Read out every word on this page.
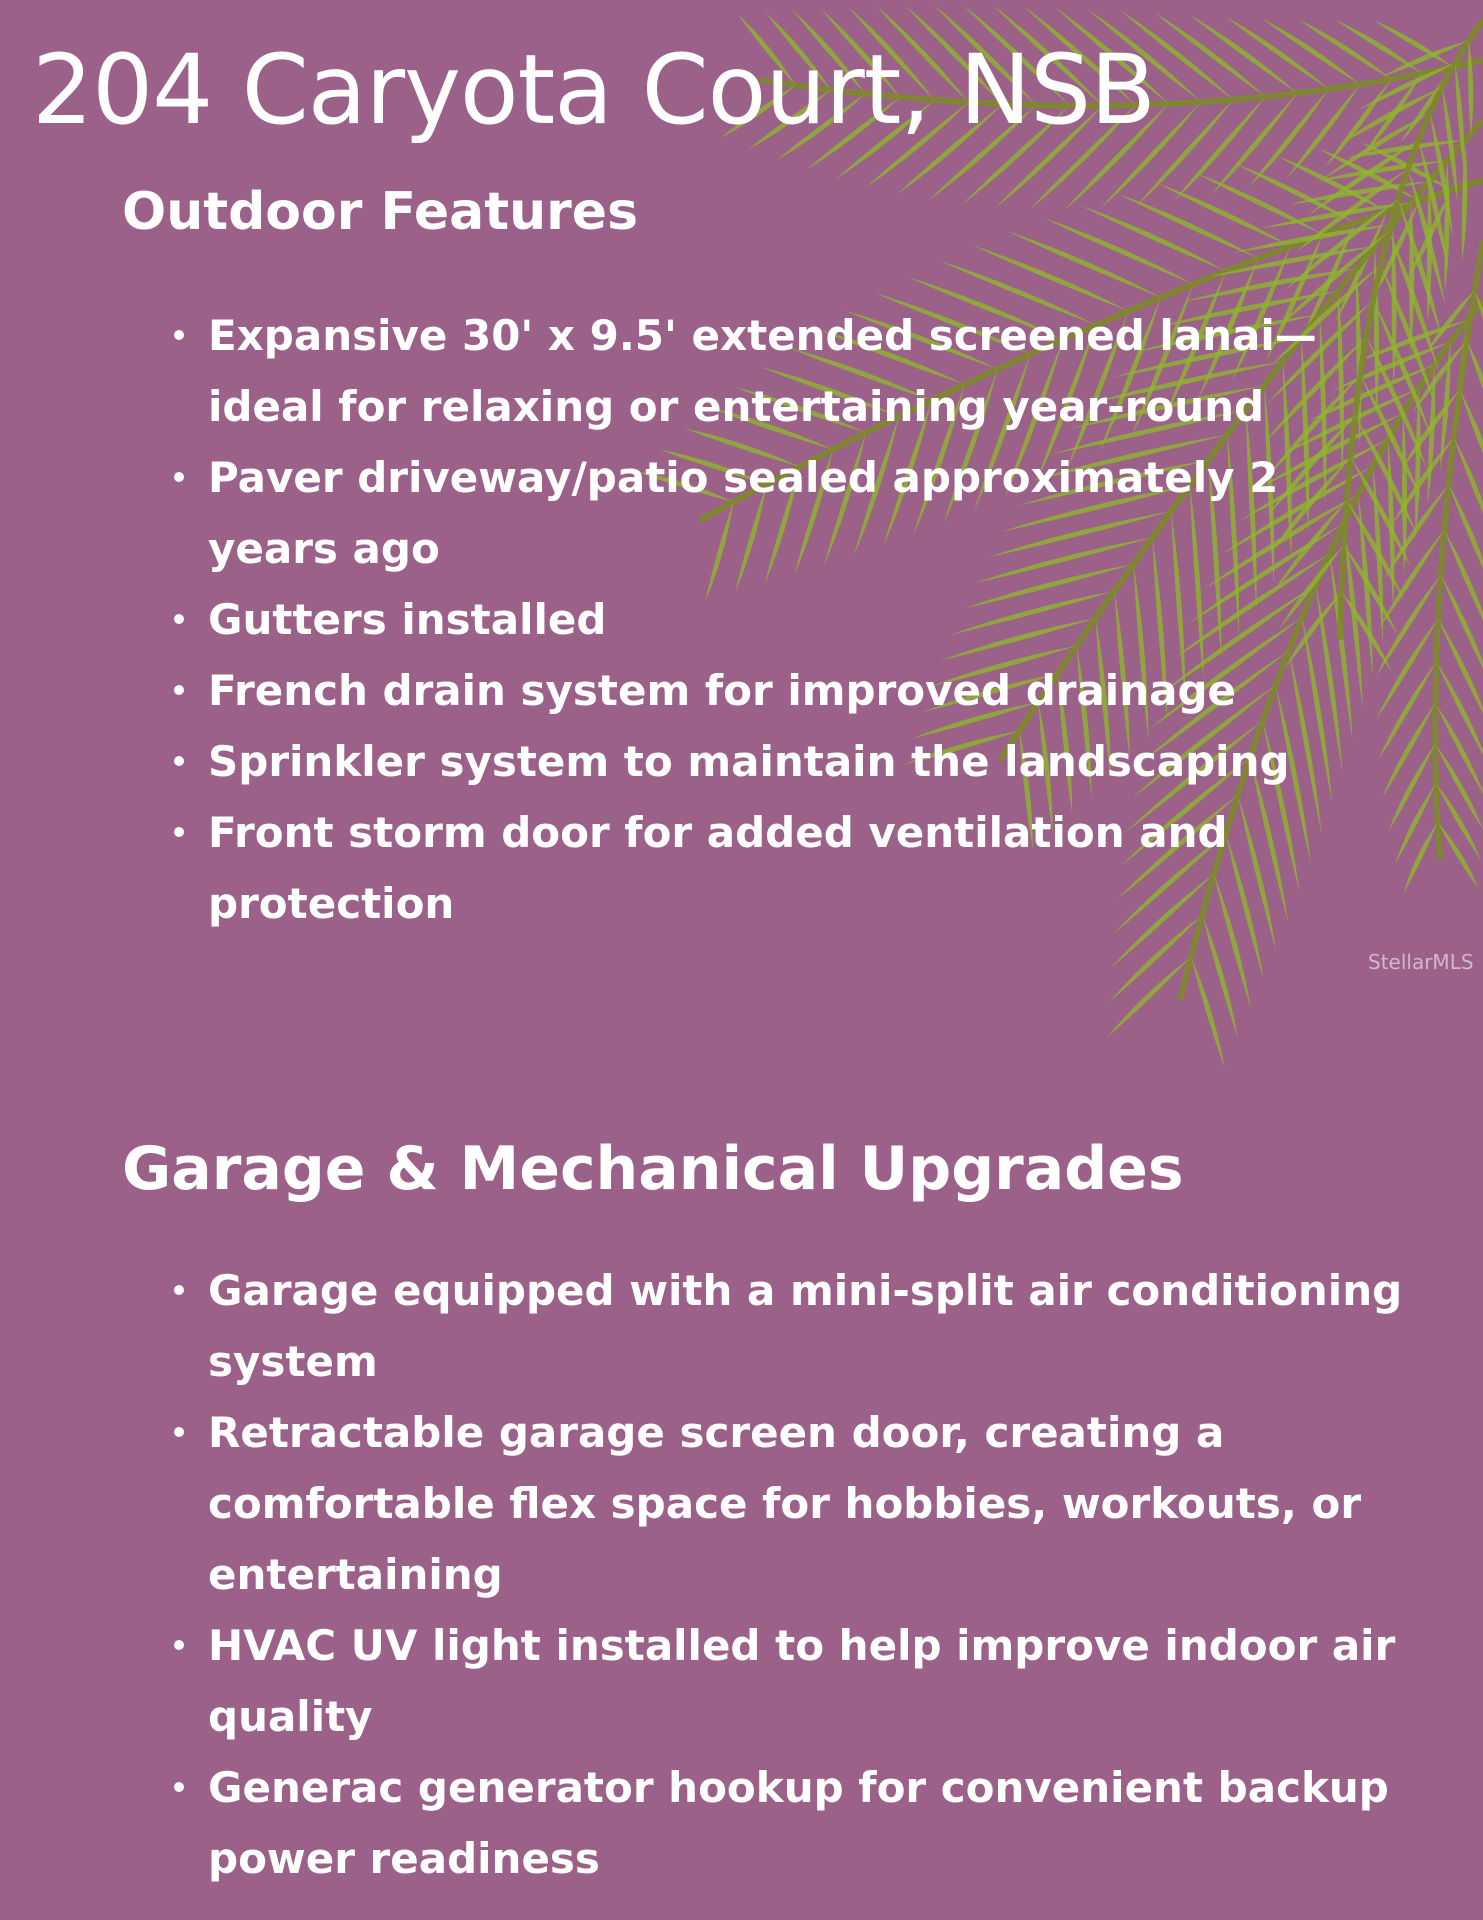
204 Caryota Court, NSB
Outdoor Features
Expansive 30' x 9.5' extended screened lanai—ideal for relaxing or entertaining year-round
Paver driveway/patio sealed approximately 2 years ago
Gutters installed
French drain system for improved drainage
Sprinkler system to maintain the landscaping
Front storm door for added ventilation and protection
Garage & Mechanical Upgrades
Garage equipped with a mini-split air conditioning system
Retractable garage screen door, creating a comfortable flex space for hobbies, workouts, or entertaining
HVAC UV light installed to help improve indoor air quality
Generac generator hookup for convenient backup power readiness
StellarMLS
